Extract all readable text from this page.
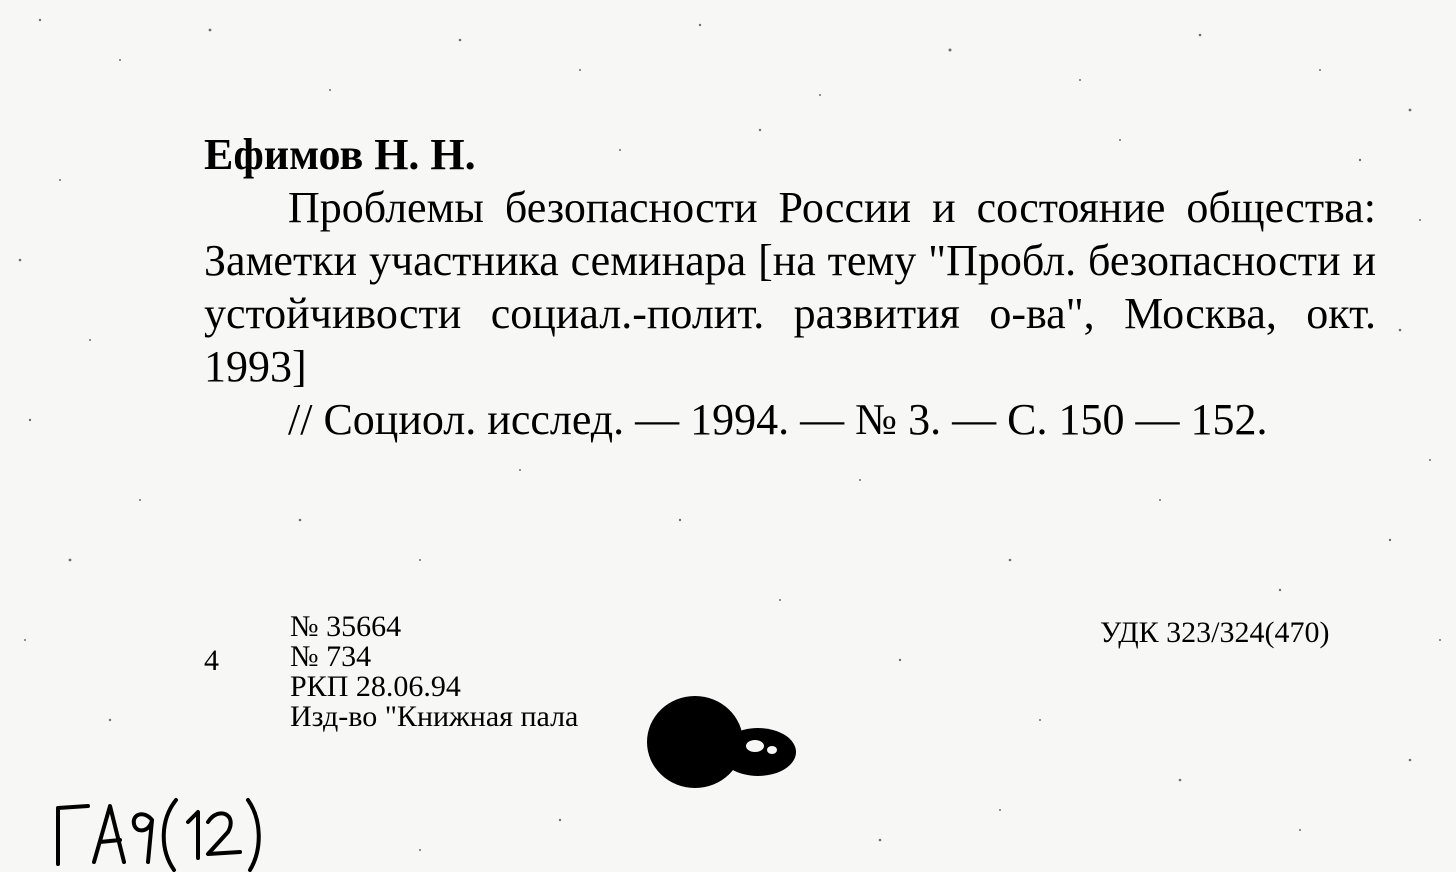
Ефимов Н. Н.

Проблемы безопасности России и состояние общества: Заметки участника семинара [на тему "Пробл. безопасности и устойчивости социал.-полит. развития о-ва", Москва, окт. 1993]

// Социол. исслед. — 1994. — № 3. — С. 150 — 152.

4
№ 35664
№ 734
РКП 28.06.94
Изд-во "Книжная пала
УДК 323/324(470)
